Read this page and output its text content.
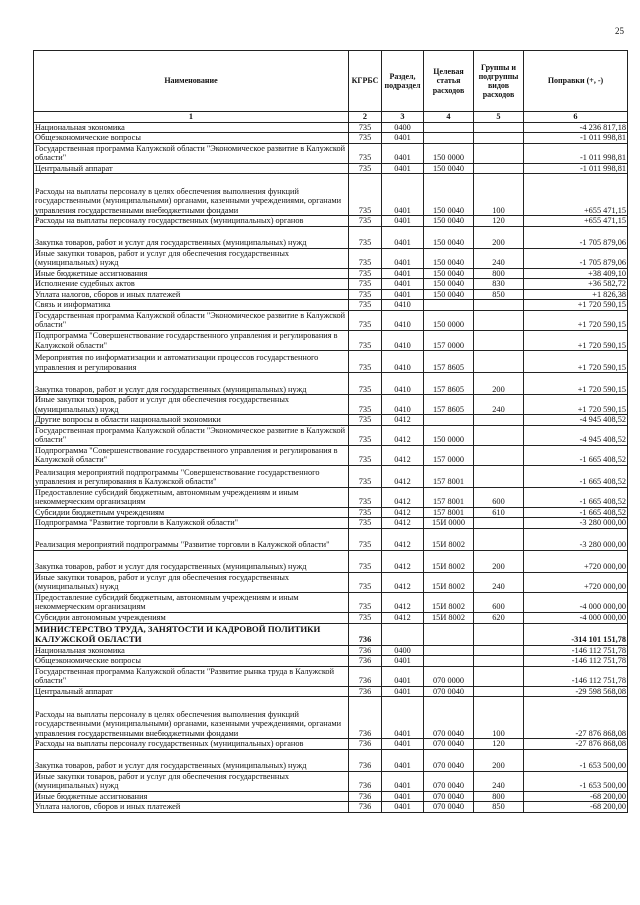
25
Наименование	КГРБС	Раздел, подраздел	Целевая статья расходов	Группы и подгруппы видов расходов	Поправки (+, -)
1	2	3	4	5	6
Национальная экономика	735	0400			-4 236 817,18
Общеэкономические вопросы	735	0401			-1 011 998,81
Государственная программа Калужской области "Экономическое развитие в Калужской области"	735	0401	150 0000		-1 011 998,81
Центральный аппарат	735	0401	150 0040		-1 011 998,81
Расходы на выплаты персоналу в целях обеспечения выполнения функций государственными (муниципальными) органами, казенными учреждениями, органами управления государственными внебюджетными фондами	735	0401	150 0040	100	+655 471,15
Расходы на выплаты персоналу государственных (муниципальных) органов	735	0401	150 0040	120	+655 471,15
Закупка товаров, работ и услуг для государственных (муниципальных) нужд	735	0401	150 0040	200	-1 705 879,06
Иные закупки товаров, работ и услуг для обеспечения государственных (муниципальных) нужд	735	0401	150 0040	240	-1 705 879,06
Иные бюджетные ассигнования	735	0401	150 0040	800	+38 409,10
Исполнение судебных актов	735	0401	150 0040	830	+36 582,72
Уплата налогов, сборов и иных платежей	735	0401	150 0040	850	+1 826,38
Связь и информатика	735	0410			+1 720 590,15
Государственная программа Калужской области "Экономическое развитие в Калужской области"	735	0410	150 0000		+1 720 590,15
Подпрограмма "Совершенствование государственного управления и регулирования в Калужской области"	735	0410	157 0000		+1 720 590,15
Мероприятия по информатизации и автоматизации процессов государственного управления и регулирования	735	0410	157 8605		+1 720 590,15
Закупка товаров, работ и услуг для государственных (муниципальных) нужд	735	0410	157 8605	200	+1 720 590,15
Иные закупки товаров, работ и услуг для обеспечения государственных (муниципальных) нужд	735	0410	157 8605	240	+1 720 590,15
Другие вопросы в области национальной экономики	735	0412			-4 945 408,52
Государственная программа Калужской области "Экономическое развитие в Калужской области"	735	0412	150 0000		-4 945 408,52
Подпрограмма "Совершенствование государственного управления и регулирования в Калужской области"	735	0412	157 0000		-1 665 408,52
Реализация мероприятий подпрограммы "Совершенствование государственного управления и регулирования в Калужской области"	735	0412	157 8001		-1 665 408,52
Предоставление субсидий бюджетным, автономным учреждениям и иным некоммерческим организациям	735	0412	157 8001	600	-1 665 408,52
Субсидии бюджетным учреждениям	735	0412	157 8001	610	-1 665 408,52
Подпрограмма "Развитие торговли в Калужской области"	735	0412	15И 0000		-3 280 000,00
Реализация мероприятий подпрограммы "Развитие торговли в Калужской области"	735	0412	15И 8002		-3 280 000,00
Закупка товаров, работ и услуг для государственных (муниципальных) нужд	735	0412	15И 8002	200	+720 000,00
Иные закупки товаров, работ и услуг для обеспечения государственных (муниципальных) нужд	735	0412	15И 8002	240	+720 000,00
Предоставление субсидий бюджетным, автономным учреждениям и иным некоммерческим организациям	735	0412	15И 8002	600	-4 000 000,00
Субсидии автономным учреждениям	735	0412	15И 8002	620	-4 000 000,00
МИНИСТЕРСТВО ТРУДА, ЗАНЯТОСТИ И КАДРОВОЙ ПОЛИТИКИ КАЛУЖСКОЙ ОБЛАСТИ	736				-314 101 151,78
Национальная экономика	736	0400			-146 112 751,78
Общеэкономические вопросы	736	0401			-146 112 751,78
Государственная программа Калужской области "Развитие рынка труда в Калужской области"	736	0401	070 0000		-146 112 751,78
Центральный аппарат	736	0401	070 0040		-29 598 568,08
Расходы на выплаты персоналу в целях обеспечения выполнения функций государственными (муниципальными) органами, казенными учреждениями, органами управления государственными внебюджетными фондами	736	0401	070 0040	100	-27 876 868,08
Расходы на выплаты персоналу государственных (муниципальных) органов	736	0401	070 0040	120	-27 876 868,08
Закупка товаров, работ и услуг для государственных (муниципальных) нужд	736	0401	070 0040	200	-1 653 500,00
Иные закупки товаров, работ и услуг для обеспечения государственных (муниципальных) нужд	736	0401	070 0040	240	-1 653 500,00
Иные бюджетные ассигнования	736	0401	070 0040	800	-68 200,00
Уплата налогов, сборов и иных платежей	736	0401	070 0040	850	-68 200,00
